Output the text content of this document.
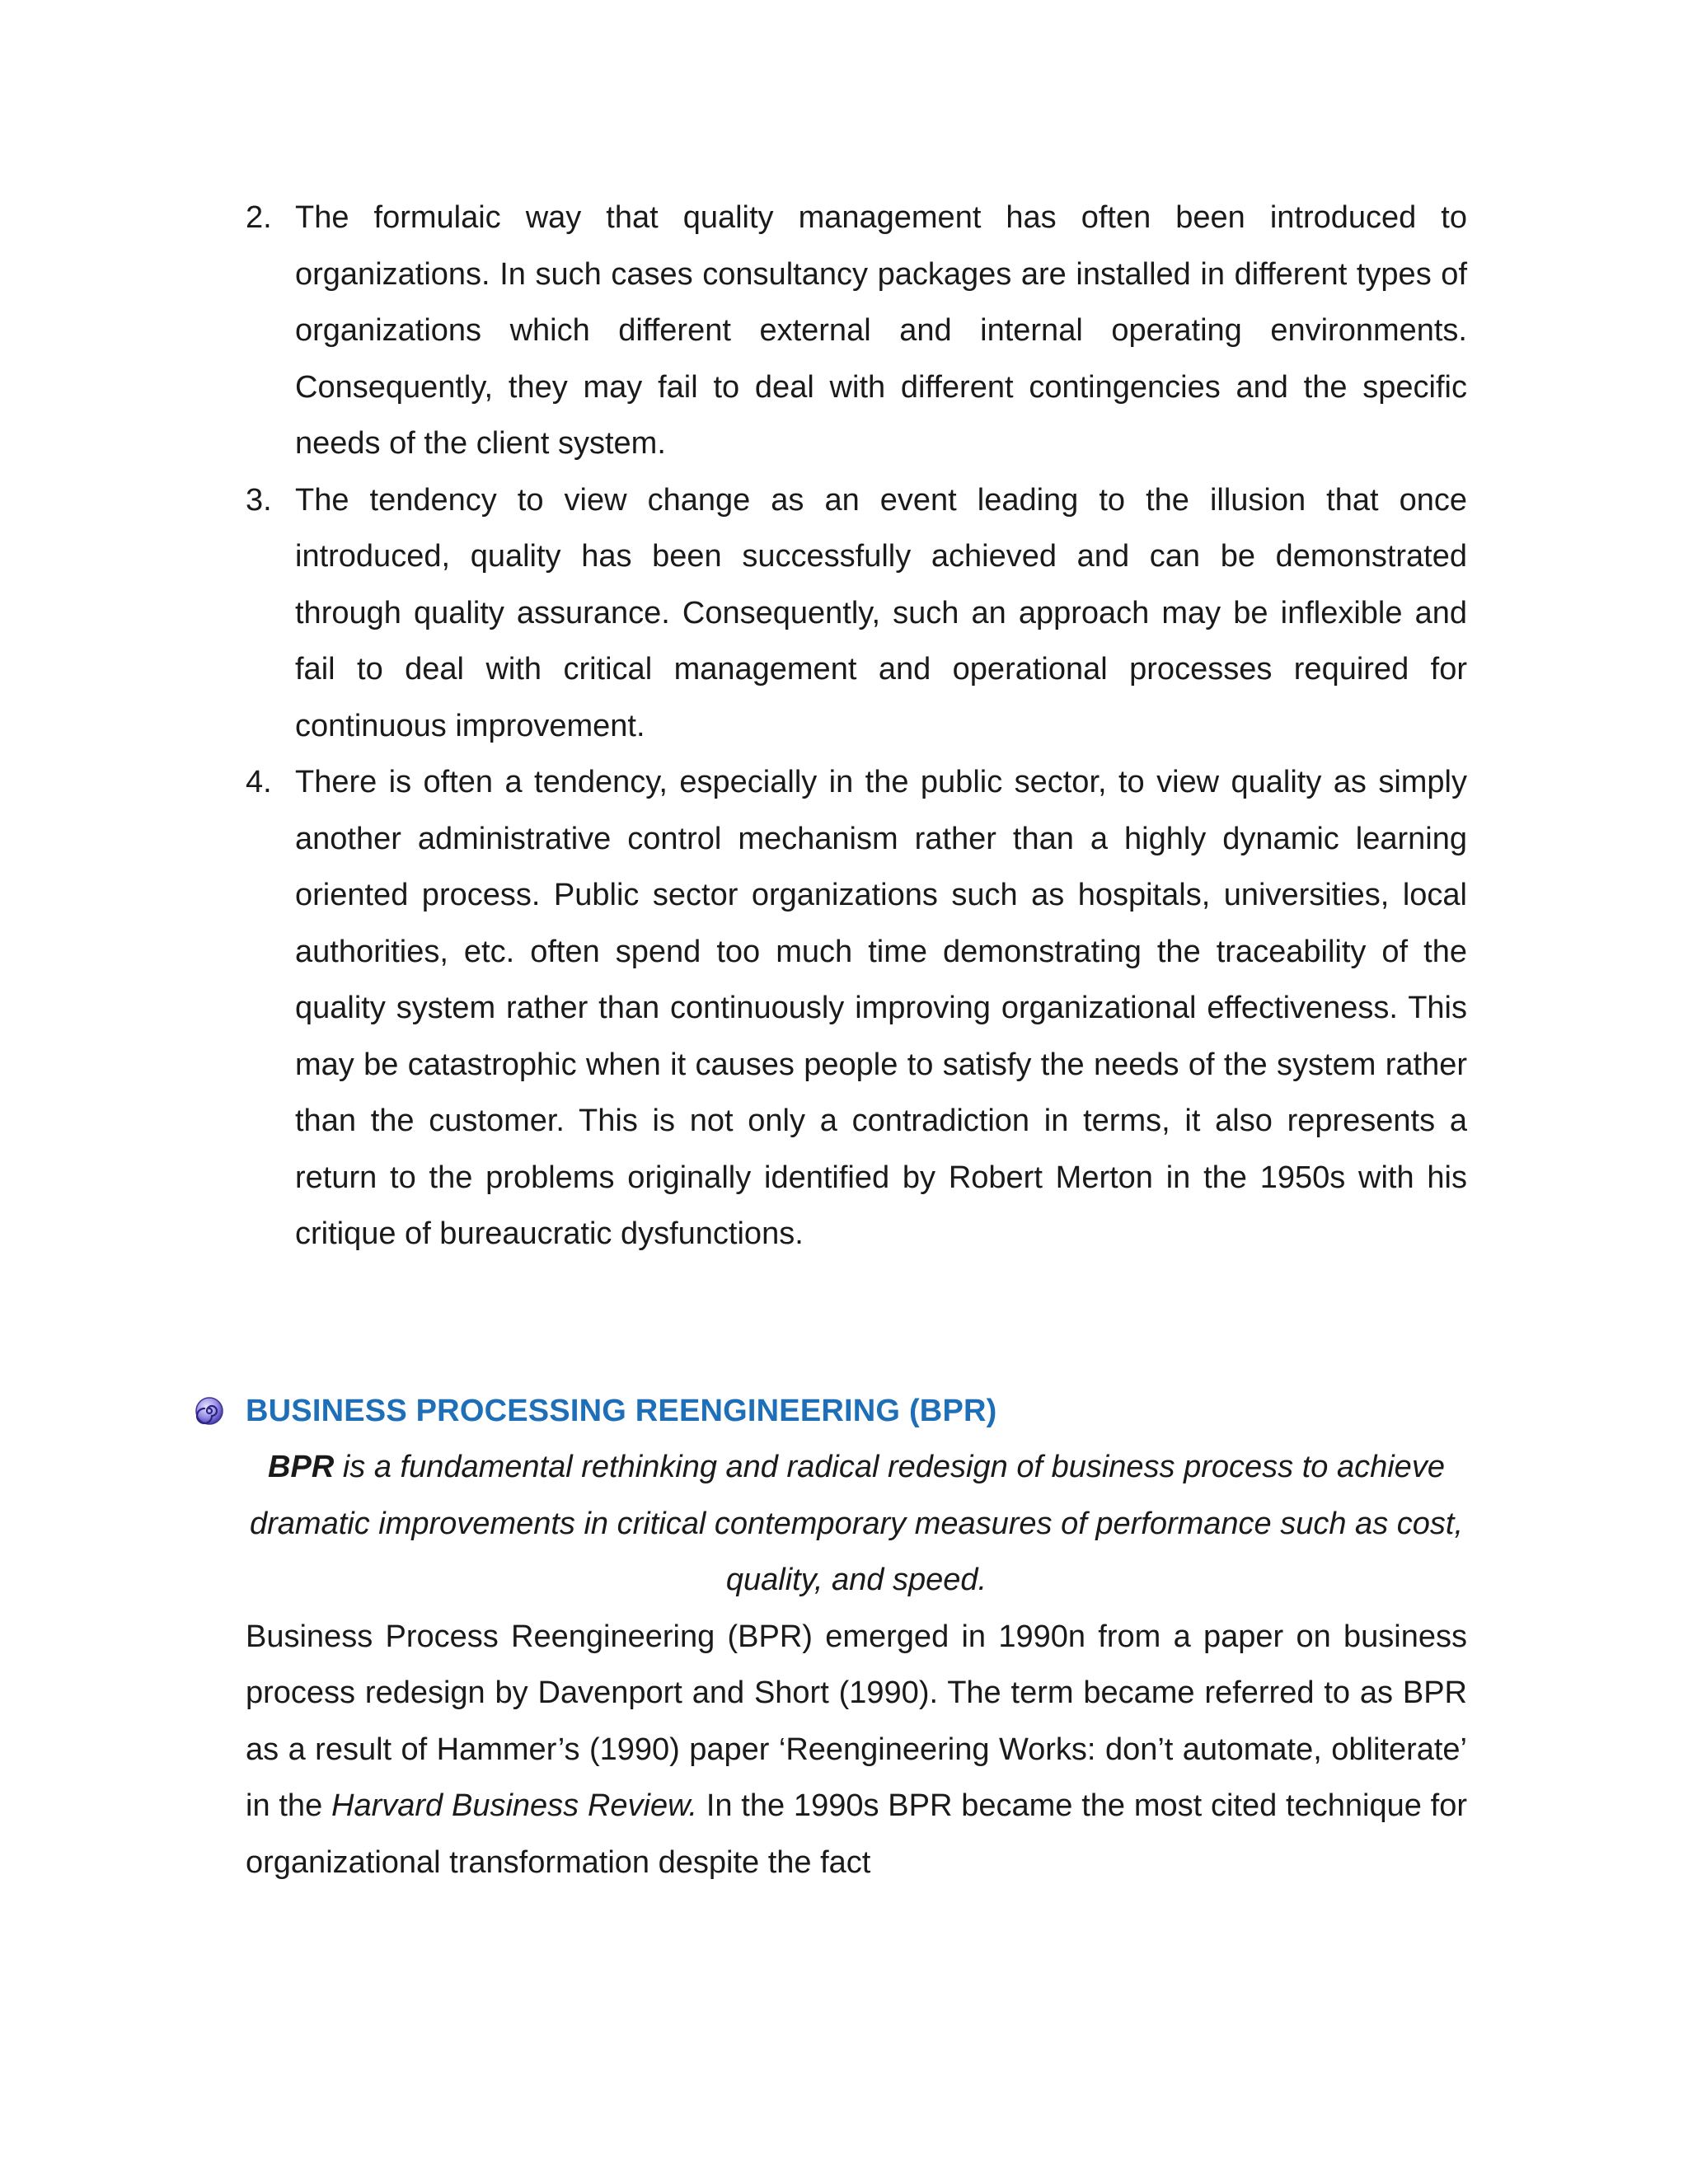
2. The formulaic way that quality management has often been introduced to organizations. In such cases consultancy packages are installed in different types of organizations which different external and internal operating environments. Consequently, they may fail to deal with different contingencies and the specific needs of the client system.
3. The tendency to view change as an event leading to the illusion that once introduced, quality has been successfully achieved and can be demonstrated through quality assurance. Consequently, such an approach may be inflexible and fail to deal with critical management and operational processes required for continuous improvement.
4. There is often a tendency, especially in the public sector, to view quality as simply another administrative control mechanism rather than a highly dynamic learning oriented process. Public sector organizations such as hospitals, universities, local authorities, etc. often spend too much time demonstrating the traceability of the quality system rather than continuously improving organizational effectiveness. This may be catastrophic when it causes people to satisfy the needs of the system rather than the customer. This is not only a contradiction in terms, it also represents a return to the problems originally identified by Robert Merton in the 1950s with his critique of bureaucratic dysfunctions.
BUSINESS PROCESSING REENGINEERING (BPR)

BPR is a fundamental rethinking and radical redesign of business process to achieve dramatic improvements in critical contemporary measures of performance such as cost, quality, and speed.

Business Process Reengineering (BPR) emerged in 1990n from a paper on business process redesign by Davenport and Short (1990). The term became referred to as BPR as a result of Hammer’s (1990) paper ‘Reengineering Works: don’t automate, obliterate’ in the Harvard Business Review. In the 1990s BPR became the most cited technique for organizational transformation despite the fact
